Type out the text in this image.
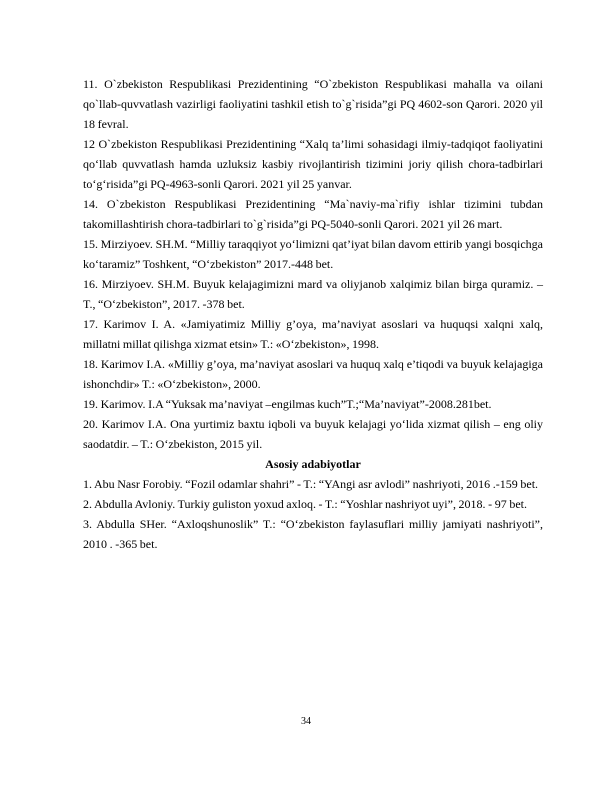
11. O`zbekiston Respublikasi Prezidentining “O`zbekiston Respublikasi mahalla va oilani qo`llab-quvvatlash vazirligi faoliyatini tashkil etish to`g`risida”gi PQ 4602-son Qarori. 2020 yil 18 fevral.

12 O`zbekiston Respublikasi Prezidentining “Xalq ta’limi sohasidagi ilmiy-tadqiqot faoliyatini qo‘llab quvvatlash hamda uzluksiz kasbiy rivojlantirish tizimini joriy qilish chora-tadbirlari to‘g‘risida”gi PQ-4963-sonli Qarori. 2021 yil 25 yanvar.

14. O`zbekiston Respublikasi Prezidentining “Ma`naviy-ma`rifiy ishlar tizimini tubdan takomillashtirish chora-tadbirlari to`g`risida”gi PQ-5040-sonli Qarori. 2021 yil 26 mart.

15. Mirziyoev. SH.M. “Milliy taraqqiyot yo‘limizni qat’iyat bilan davom ettirib yangi bosqichga ko‘taramiz” Toshkent, “O‘zbekiston” 2017.-448 bet.

16. Mirziyoev. SH.M. Buyuk kelajagimizni mard va oliyjanob xalqimiz bilan birga quramiz. – T., “O‘zbekiston”, 2017. -378 bet.

17. Karimov I. A. «Jamiyatimiz Milliy g’oya, ma’naviyat asoslari va huquqsi xalqni xalq, millatni millat qilishga xizmat etsin» T.: «O‘zbekiston», 1998.

18. Karimov I.A. «Milliy g’oya, ma’naviyat asoslari va huquq xalq e’tiqodi va buyuk kelajagiga ishonchdir» T.: «O‘zbekiston», 2000.

19. Karimov. I.A “Yuksak ma’naviyat –engilmas kuch”T.;“Ma’naviyat”-2008.281bet.

20. Karimov I.A. Ona yurtimiz baxtu iqboli va buyuk kelajagi yo‘lida xizmat qilish – eng oliy saodatdir. – T.: O‘zbekiston, 2015 yil.

Asosiy adabiyotlar

1. Abu Nasr Forobiy. “Fozil odamlar shahri” - T.: “YAngi asr avlodi” nashriyoti, 2016 .-159 bet.

2. Abdulla Avloniy. Turkiy guliston yoxud axloq. - T.: “Yoshlar nashriyot uyi”, 2018. - 97 bet.

3. Abdulla SHer. “Axloqshunoslik” T.: “O‘zbekiston faylasuflari milliy jamiyati nashriyoti”, 2010 . -365 bet.

34
